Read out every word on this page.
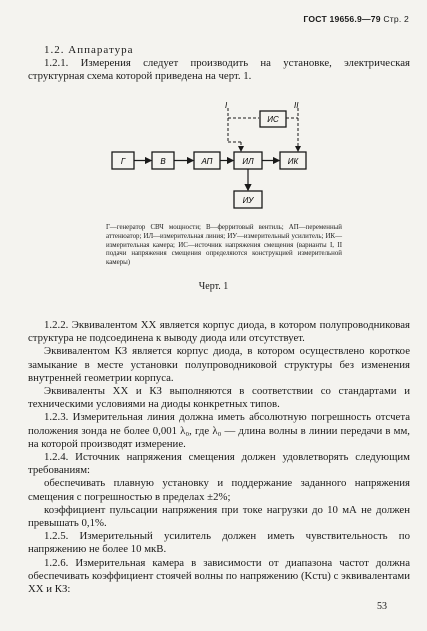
ГОСТ 19656.9—79 Стр. 2
1.2. Аппаратура

1.2.1. Измерения следует производить на установке, электрическая структурная схема которой приведена на черт. 1.

Г	В	АП	ИЛ	ИК
ИС
ИУ
I	II
Г—генератор СВЧ мощности; В—ферритовый вентиль; АП—переменный аттенюатор; ИЛ—измерительная линия; ИУ—измерительный усилитель; ИК—измерительная камера; ИС—источник напряжения смещения (варианты I, II подачи напряжения смещения определяются конструкцией измерительной камеры)
Черт. 1

1.2.2. Эквивалентом ХХ является корпус диода, в котором полупроводниковая структура не подсоединена к выводу диода или отсутствует.

Эквивалентом КЗ является корпус диода, в котором осуществлено короткое замыкание в месте установки полупроводниковой структуры без изменения внутренней геометрии корпуса.

Эквиваленты ХХ и КЗ выполняются в соответствии со стандартами и техническими условиями на диоды конкретных типов.

1.2.3. Измерительная линия должна иметь абсолютную погрешность отсчета положения зонда не более 0,001 λ₀, где λ₀ — длина волны в линии передачи в мм, на которой производят измерение.

1.2.4. Источник напряжения смещения должен удовлетворять следующим требованиям:

обеспечивать плавную установку и поддержание заданного напряжения смещения с погрешностью в пределах ±2%;

коэффициент пульсации напряжения при токе нагрузки до 10 мА не должен превышать 0,1%.

1.2.5. Измерительный усилитель должен иметь чувствительность по напряжению не более 10 мкВ.

1.2.6. Измерительная камера в зависимости от диапазона частот должна обеспечивать коэффициент стоячей волны по напряжению (Kстu) с эквивалентами ХХ и КЗ:

53
